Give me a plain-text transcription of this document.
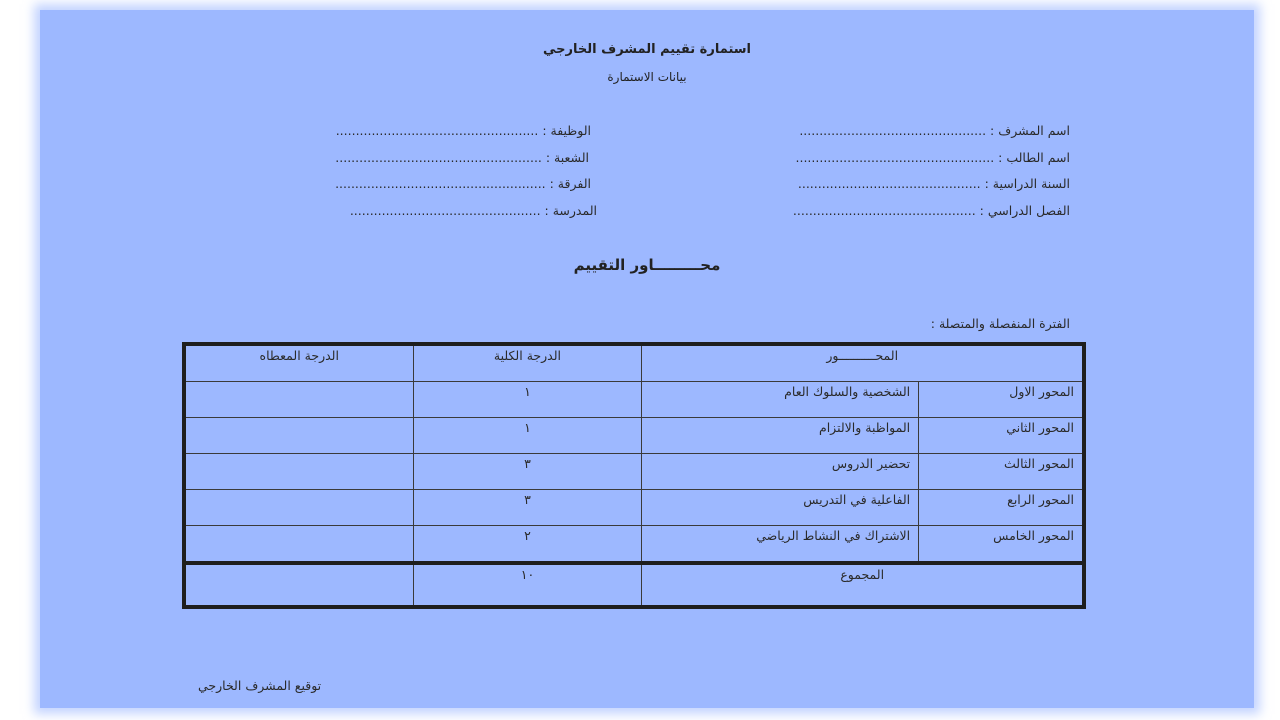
استمارة تقييم المشرف الخارجي
بيانات الاستمارة
اسم المشرف : ...............................................
الوظيفة : ...................................................
اسم الطالب : ..................................................
الشعبة : ....................................................
السنة الدراسية : ..............................................
الفرقة : .....................................................
الفصل الدراسي : ..............................................
المدرسة : ................................................
محـــــــــاور التقييم
الفترة المنفصلة والمتصلة :
المحــــــــــور		الدرجة الكلية	الدرجة المعطاه
المحور الاول	الشخصية والسلوك العام	١	
المحور الثاني	المواظبة والالتزام	١	
المحور الثالث	تحضير الدروس	٣	
المحور الرابع	الفاعلية في التدريس	٣	
المحور الخامس	الاشتراك في النشاط الرياضي	٢	
المجموع		١٠	
توقيع المشرف الخارجي
